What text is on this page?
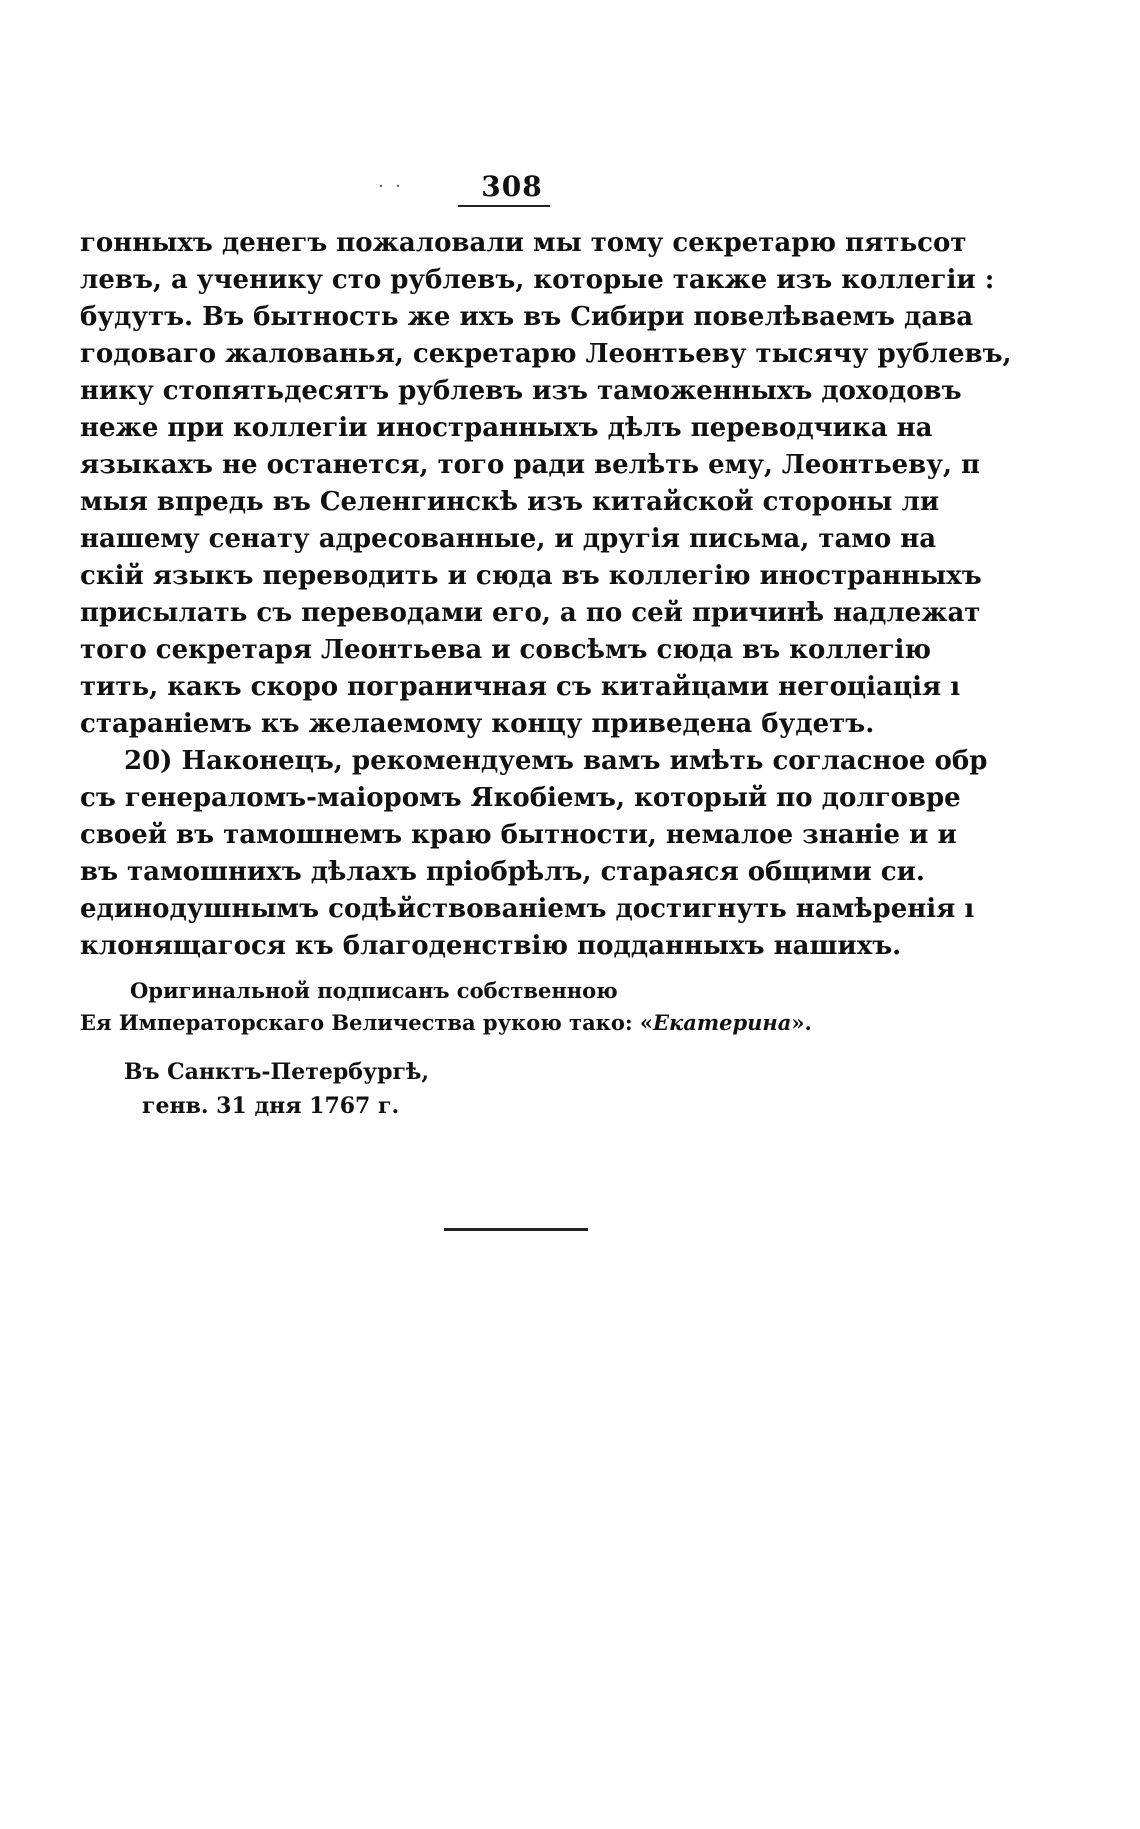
·  ·	308
гонныхъ денегъ пожаловали мы тому секретарю пятьсот
левъ, а ученику сто рублевъ, которые также изъ коллегіи :
будутъ. Въ бытность же ихъ въ Сибири повелѣваемъ дава
годоваго жалованья, секретарю Леонтьеву тысячу рублевъ,
нику стопятьдесятъ рублевъ изъ таможенныхъ доходовъ
неже при коллегіи иностранныхъ дѣлъ переводчика на
языкахъ не останется, того ради велѣть ему, Леонтьеву, п
мыя впредь въ Селенгинскѣ изъ китайской стороны ли
нашему сенату адресованные, и другія письма, тамо на
скій языкъ переводить и сюда въ коллегію иностранныхъ
присылать съ переводами его, а по сей причинѣ надлежат
того секретаря Леонтьева и совсѣмъ сюда въ коллегію
тить, какъ скоро пограничная съ китайцами негоціація ı
стараніемъ къ желаемому концу приведена будетъ.
20) Наконецъ, рекомендуемъ вамъ имѣть согласное обр
съ генераломъ-маіоромъ Якобіемъ, который по долговре
своей въ тамошнемъ краю бытности, немалое знаніе и и
въ тамошнихъ дѣлахъ пріобрѣлъ, стараяся общими си.
единодушнымъ содѣйствованіемъ достигнуть намѣренія ı
клонящагося къ благоденствію подданныхъ нашихъ.
Оригинальной подписанъ собственною
Ея Императорскаго Величества рукою тако: «Екатерина».
Въ Санктъ-Петербургѣ,
генв. 31 дня 1767 г.
